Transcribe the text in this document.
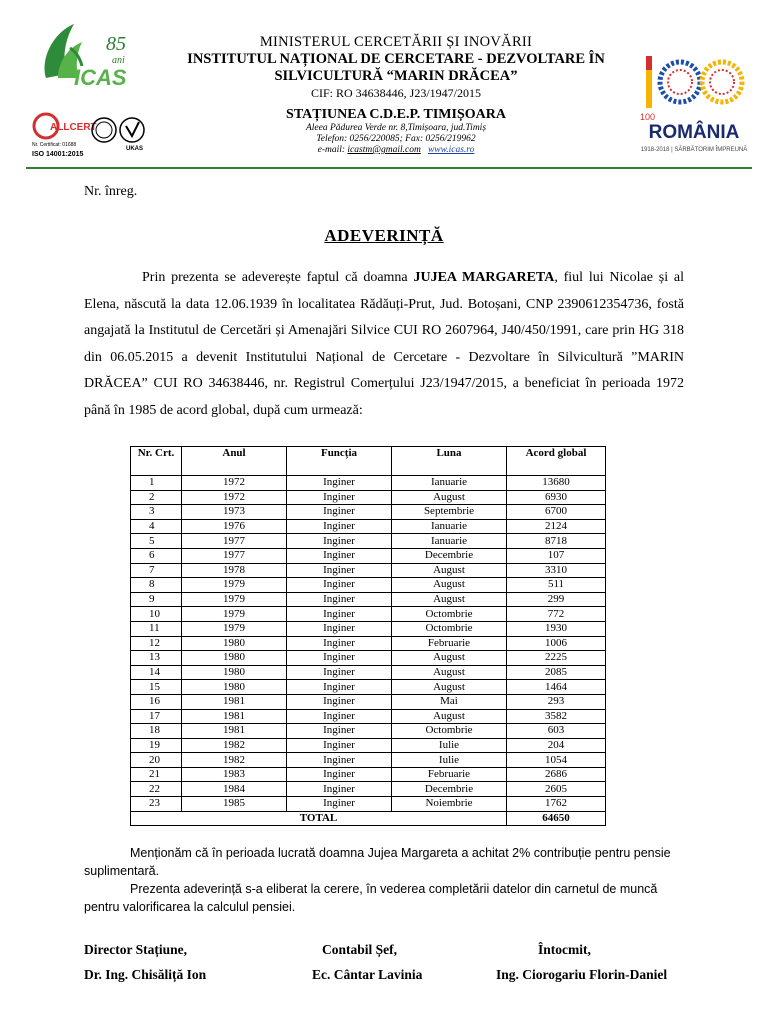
85
ani
ICAS
MINISTERUL CERCETĂRII ȘI INOVĂRII
INSTITUTUL NAȚIONAL DE CERCETARE - DEZVOLTARE ÎN
SILVICULTURĂ “MARIN DRĂCEA”
CIF: RO 34638446, J23/1947/2015
STAȚIUNEA C.D.E.P. TIMIȘOARA
Aleea Pădurea Verde nr. 8,Timișoara, jud.Timiș
Telefon: 0256/220085; Fax: 0256/219962
e-mail: icastm@gmail.com www.icas.ro
100
ROMÂNIA
1918-2018 | SĂRBĂTORIM ÎMPREUNĂ
ALLCERT
Nr. Certificat: 01688
ISO 14001:2015
UKAS
Nr. înreg.
ADEVERINȚĂ
Prin prezenta se adeverește faptul că doamna JUJEA MARGARETA, fiul lui Nicolae și al Elena, născută la data 12.06.1939 în localitatea Rădăuți-Prut, Jud. Botoșani, CNP 2390612354736, fostă angajată la Institutul de Cercetări și Amenajări Silvice CUI RO 2607964, J40/450/1991, care prin HG 318 din 06.05.2015 a devenit Institutului Național de Cercetare - Dezvoltare în Silvicultură ”MARIN DRĂCEA” CUI RO 34638446, nr. Registrul Comerțului J23/1947/2015, a beneficiat în perioada 1972 până în 1985 de acord global, după cum urmează:
Nr. Crt.	Anul	Funcția	Luna	Acord global
1	1972	Inginer	Ianuarie	13680
2	1972	Inginer	August	6930
3	1973	Inginer	Septembrie	6700
4	1976	Inginer	Ianuarie	2124
5	1977	Inginer	Ianuarie	8718
6	1977	Inginer	Decembrie	107
7	1978	Inginer	August	3310
8	1979	Inginer	August	511
9	1979	Inginer	August	299
10	1979	Inginer	Octombrie	772
11	1979	Inginer	Octombrie	1930
12	1980	Inginer	Februarie	1006
13	1980	Inginer	August	2225
14	1980	Inginer	August	2085
15	1980	Inginer	August	1464
16	1981	Inginer	Mai	293
17	1981	Inginer	August	3582
18	1981	Inginer	Octombrie	603
19	1982	Inginer	Iulie	204
20	1982	Inginer	Iulie	1054
21	1983	Inginer	Februarie	2686
22	1984	Inginer	Decembrie	2605
23	1985	Inginer	Noiembrie	1762
TOTAL				64650

Menționăm că în perioada lucrată doamna Jujea Margareta a achitat 2% contribuție pentru pensie suplimentară.

Prezenta adeverință s-a eliberat la cerere, în vederea completării datelor din carnetul de muncă pentru valorificarea la calculul pensiei.

Director Stațiune,
Dr. Ing. Chisăliță Ion
Contabil Șef,
Ec. Cântar Lavinia
Întocmit,
Ing. Ciorogariu Florin-Daniel
